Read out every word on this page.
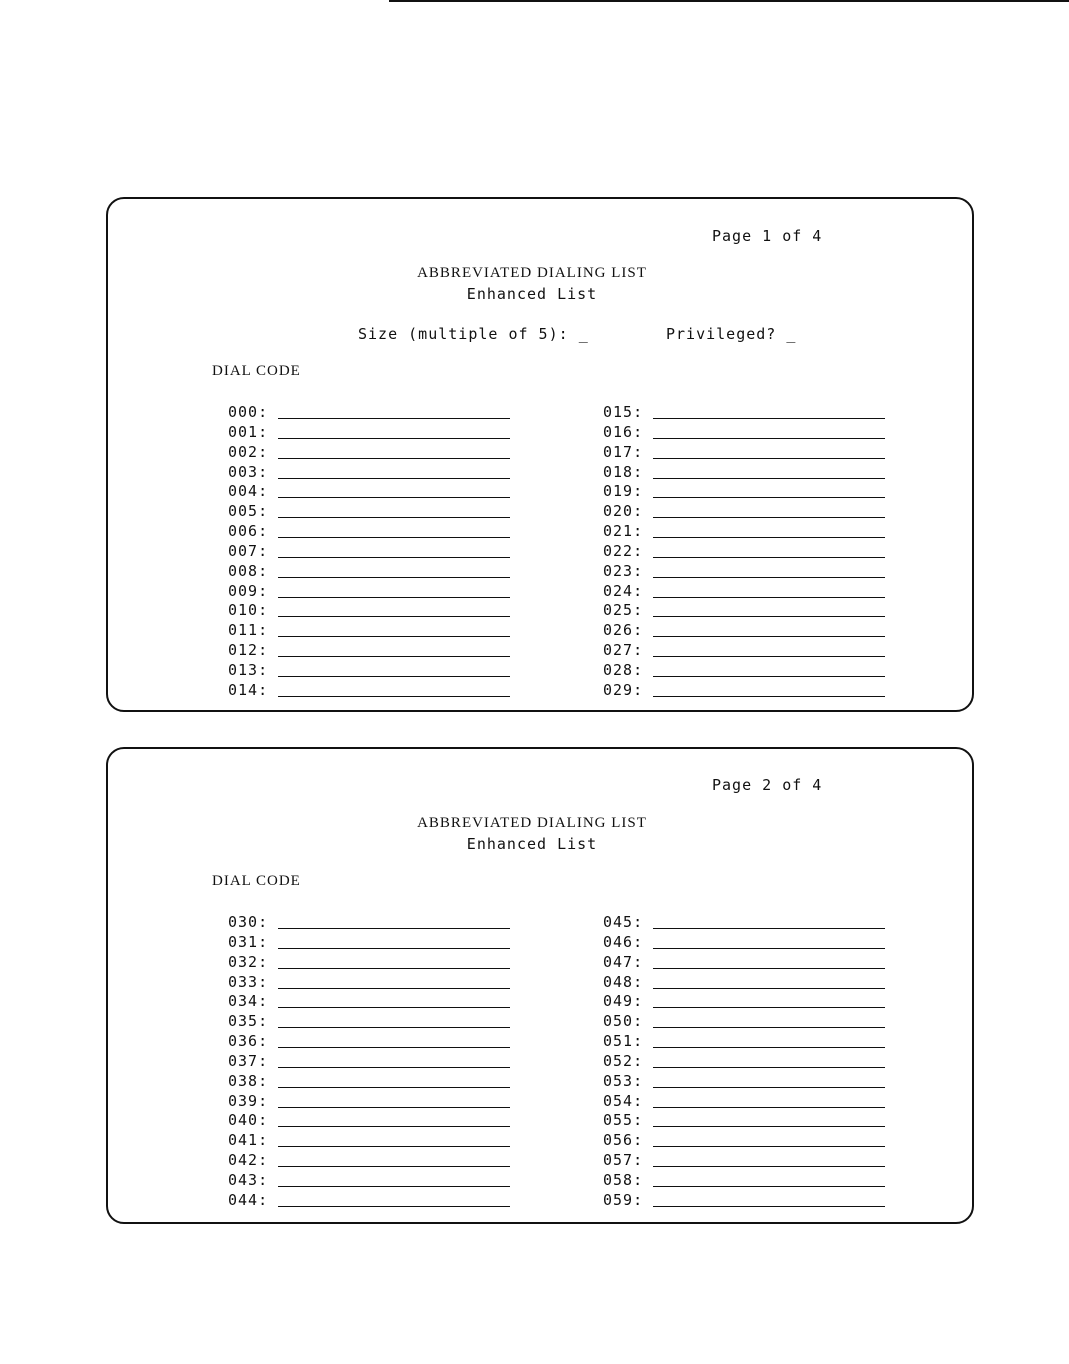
Page 1 of 4
ABBREVIATED DIALING LIST
Enhanced List
Size (multiple of 5): _	Privileged? _
DIAL CODE
000:
001:
002:
003:
004:
005:
006:
007:
008:
009:
010:
011:
012:
013:
014:
015:
016:
017:
018:
019:
020:
021:
022:
023:
024:
025:
026:
027:
028:
029:
Page 2 of 4
ABBREVIATED DIALING LIST
Enhanced List
DIAL CODE
030:
031:
032:
033:
034:
035:
036:
037:
038:
039:
040:
041:
042:
043:
044:
045:
046:
047:
048:
049:
050:
051:
052:
053:
054:
055:
056:
057:
058:
059:
